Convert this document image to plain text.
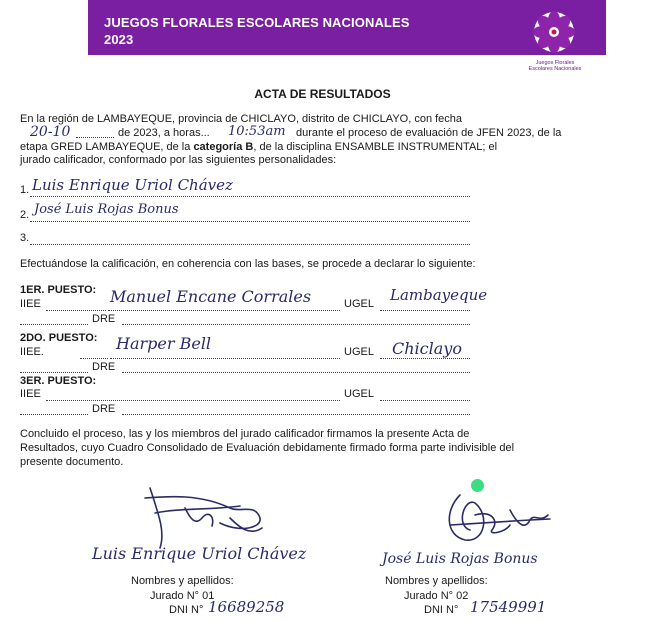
JUEGOS FLORALES ESCOLARES NACIONALES
2023
Juegos Florales
Escolares Nacionales
ACTA DE RESULTADOS
En la región de LAMBAYEQUE, provincia de CHICLAYO, distrito de CHICLAYO, con fecha
20-10	de 2023, a horas... 10:53am durante el proceso de evaluación de JFEN 2023, de la
etapa GRED LAMBAYEQUE, de la categoría B, de la disciplina ENSAMBLE INSTRUMENTAL; el
jurado calificador, conformado por las siguientes personalidades:
1. Luis Enrique Uriol Chávez
2. José Luis Rojas Bonus
3.
Efectuándose la calificación, en coherencia con las bases, se procede a declarar lo siguiente:
1ER. PUESTO:
IIEE	Manuel Encane Corrales	UGEL Lambayeque
DRE
2DO. PUESTO:
IIEE.	Harper Bell	UGEL Chiclayo
DRE
3ER. PUESTO:
IIEE	UGEL
DRE
Concluido el proceso, las y los miembros del jurado calificador firmamos la presente Acta de
Resultados, cuyo Cuadro Consolidado de Evaluación debidamente firmado forma parte indivisible del
presente documento.
Luis Enrique Uriol Chávez
Nombres y apellidos:
Jurado N° 01
DNI N° 16689258
José Luis Rojas Bonus
Nombres y apellidos:
Jurado N° 02
DNI N° 17549991
